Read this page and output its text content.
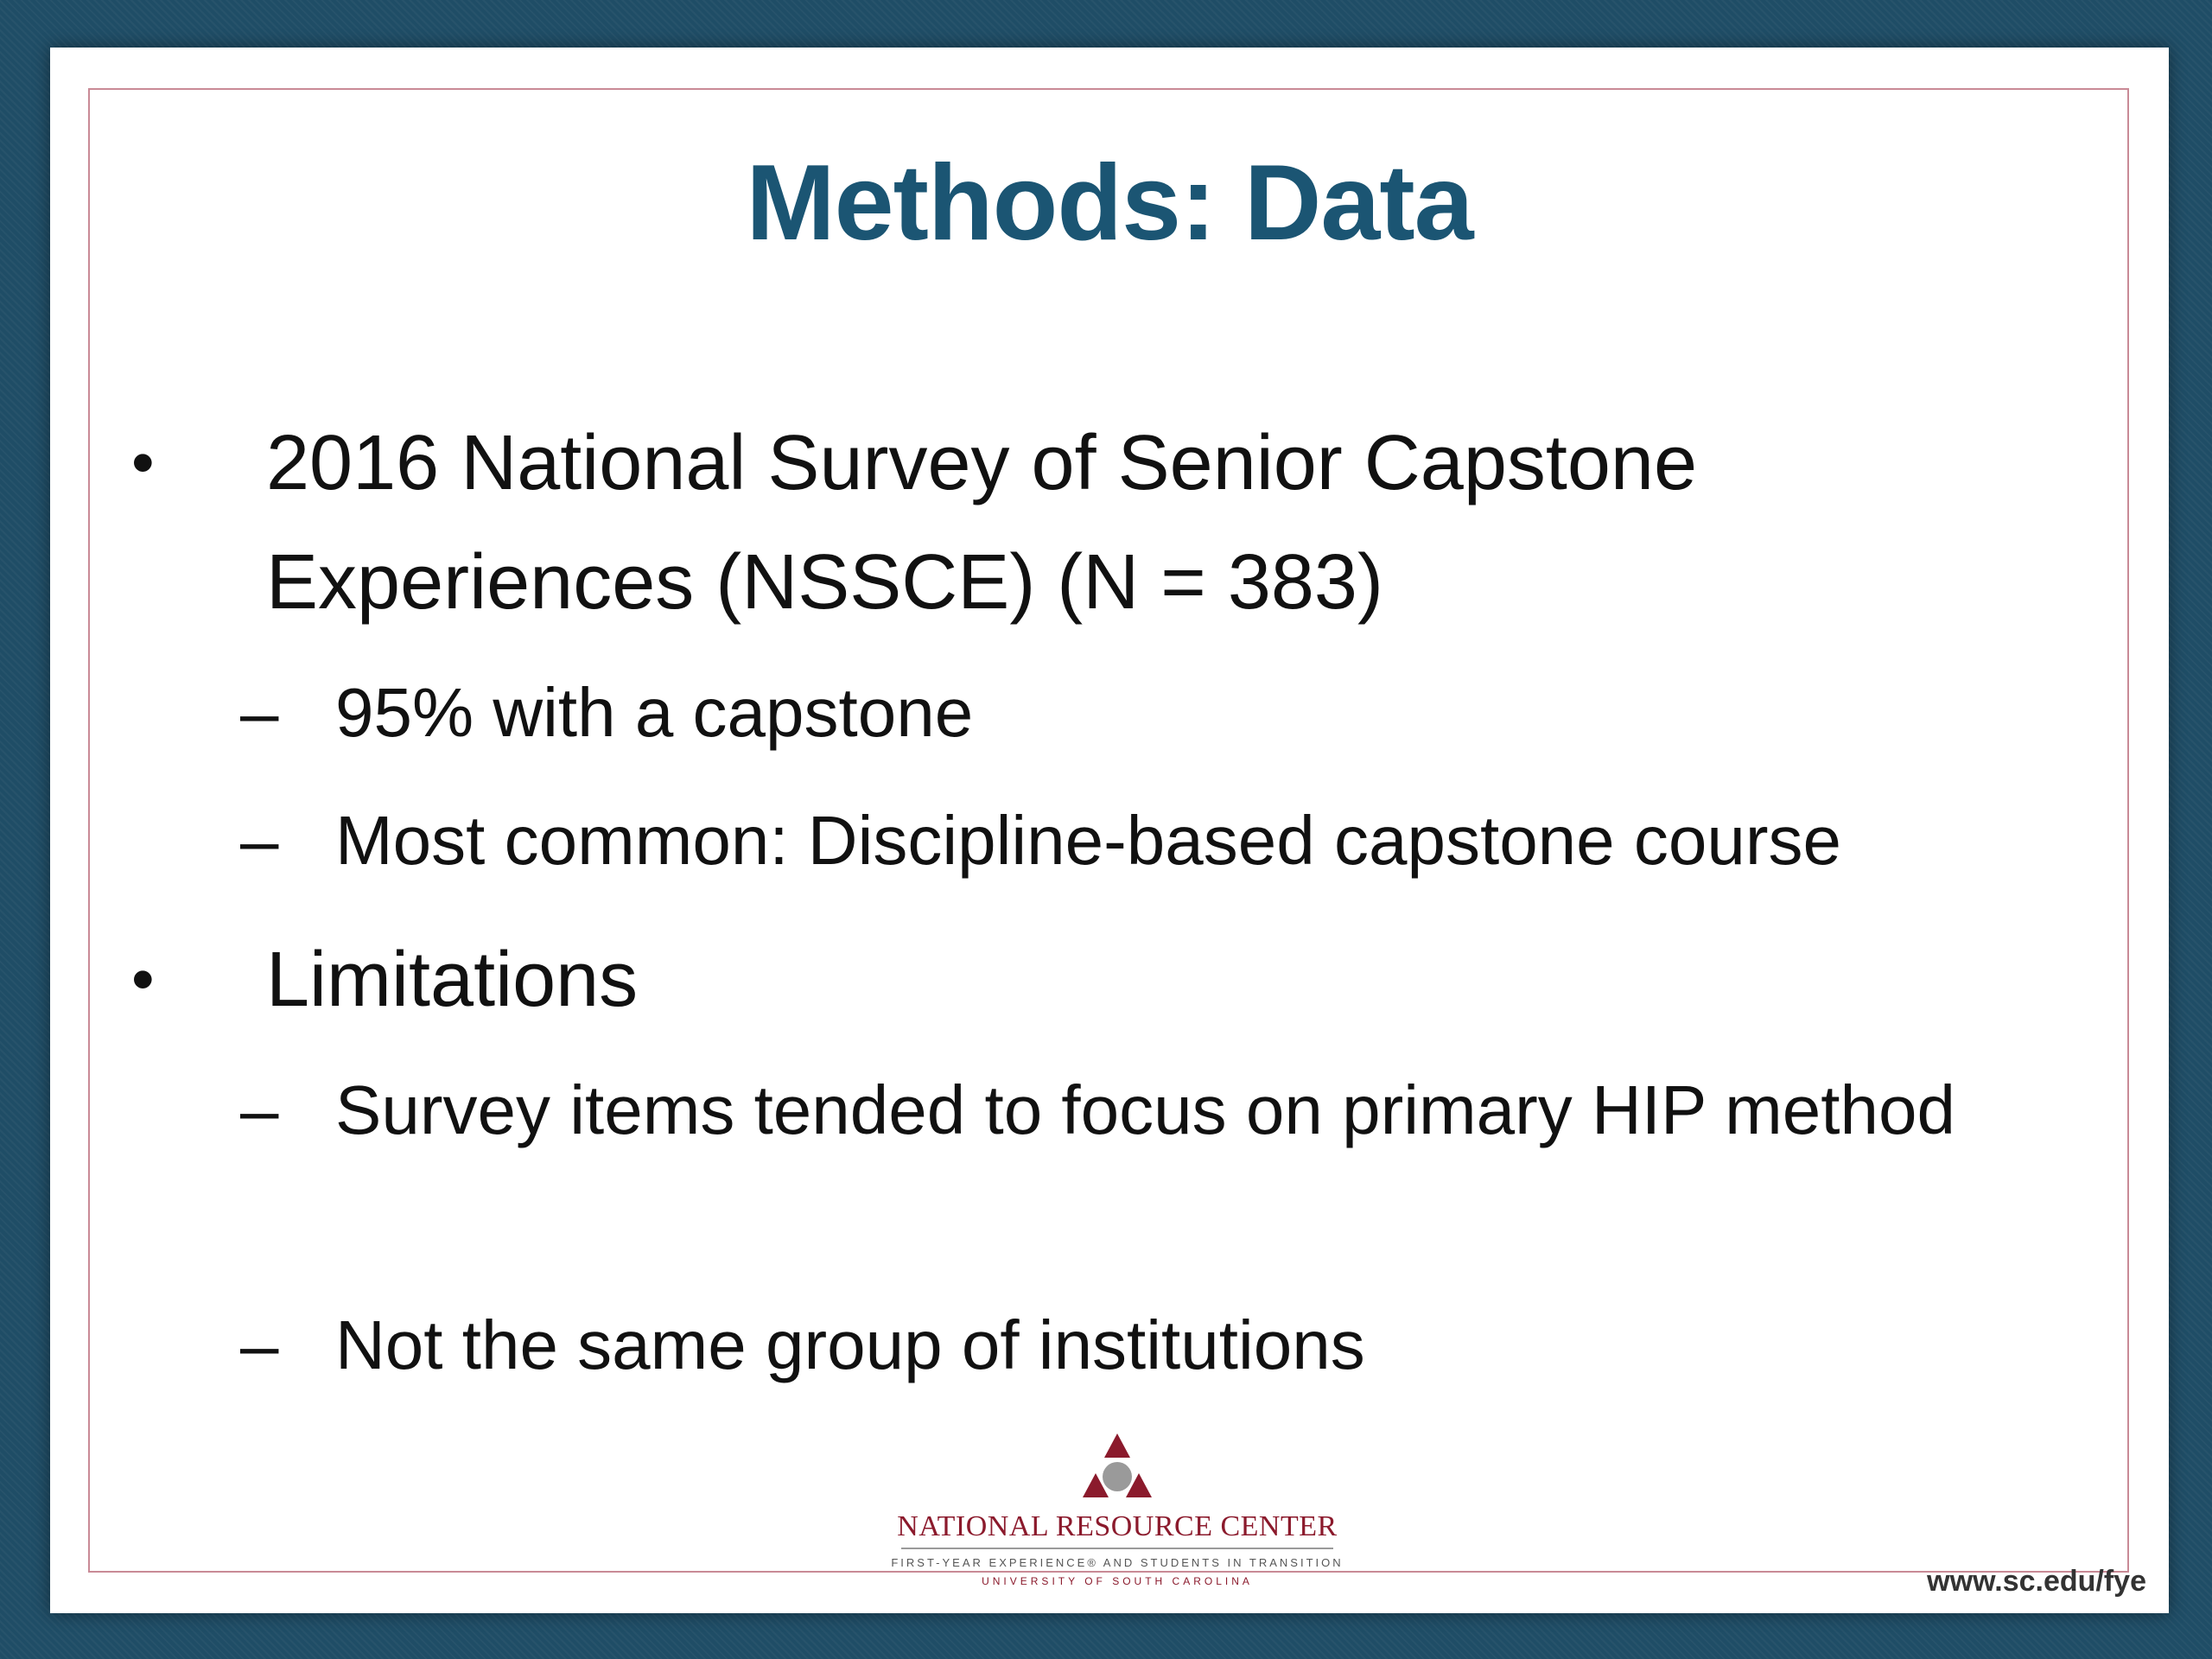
Methods: Data
• 2016 National Survey of Senior Capstone Experiences (NSSCE) (N = 383)
– 95% with a capstone
– Most common: Discipline-based capstone course
• Limitations
– Survey items tended to focus on primary HIP method
– Not the same group of institutions
NATIONAL RESOURCE CENTER
FIRST-YEAR EXPERIENCE® AND STUDENTS IN TRANSITION
UNIVERSITY OF SOUTH CAROLINA	www.sc.edu/fye
